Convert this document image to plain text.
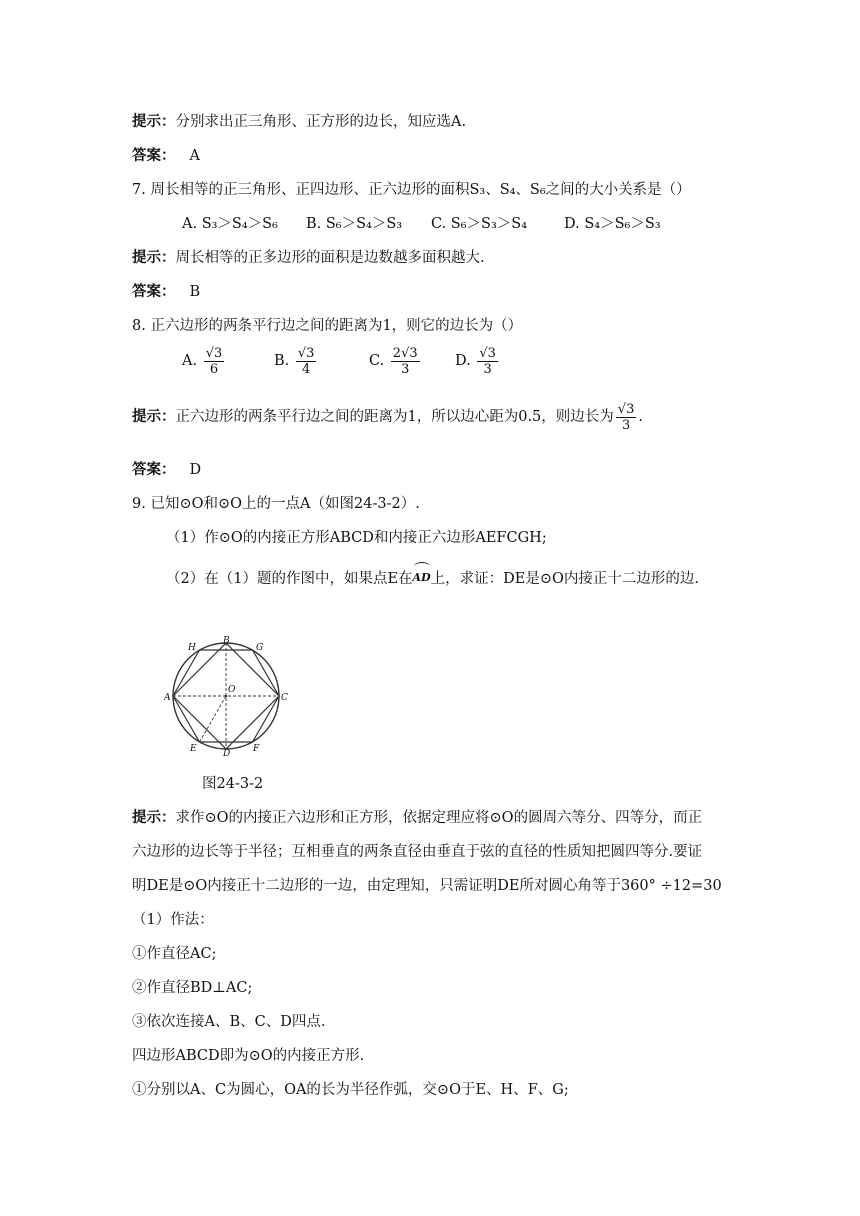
提示：分别求出正三角形、正方形的边长，知应选A.
答案： A
7. 周长相等的正三角形、正四边形、正六边形的面积S₃、S₄、S₆之间的大小关系是（）
A. S₃＞S₄＞S₆ B. S₆＞S₄＞S₃ C. S₆＞S₃＞S₄	D. S₄＞S₆＞S₃
提示：周长相等的正多边形的面积是边数越多面积越大.
答案： B
8. 正六边形的两条平行边之间的距离为1，则它的边长为（）
A. $\frac{√3}{6}$	B. $\frac{√3}{4}$	C. $\frac{2√3}{3} D$. $\frac{√3}{3}$
提示：正六边形的两条平行边之间的距离为1，所以边心距为0.5，则边长为 $\frac{√3}{3}$ .
答案： D
9. 已知⊙O和⊙O上的一点A（如图24-3-2）.
（1）作⊙O的内接正方形ABCD和内接正六边形AEFCGH;
（2）在（1）题的作图中，如果点E在AD上，求证：DE是⊙O内接正十二边形的边.
B
H	G
A	C
O
E	D	F
图24-3-2
提示：求作⊙O的内接正六边形和正方形，依据定理应将⊙O的圆周六等分、四等分，而正
六边形的边长等于半径；互相垂直的两条直径由垂直于弦的直径的性质知把圆四等分.要证
明DE是⊙O内接正十二边形的一边，由定理知，只需证明DE所对圆心角等于360° ÷12=30
（1）作法：
①作直径AC;
②作直径BD⊥AC;
③依次连接A、B、C、D四点.
四边形ABCD即为⊙O的内接正方形.
①分别以A、C为圆心，OA的长为半径作弧，交⊙O于E、H、F、G;
